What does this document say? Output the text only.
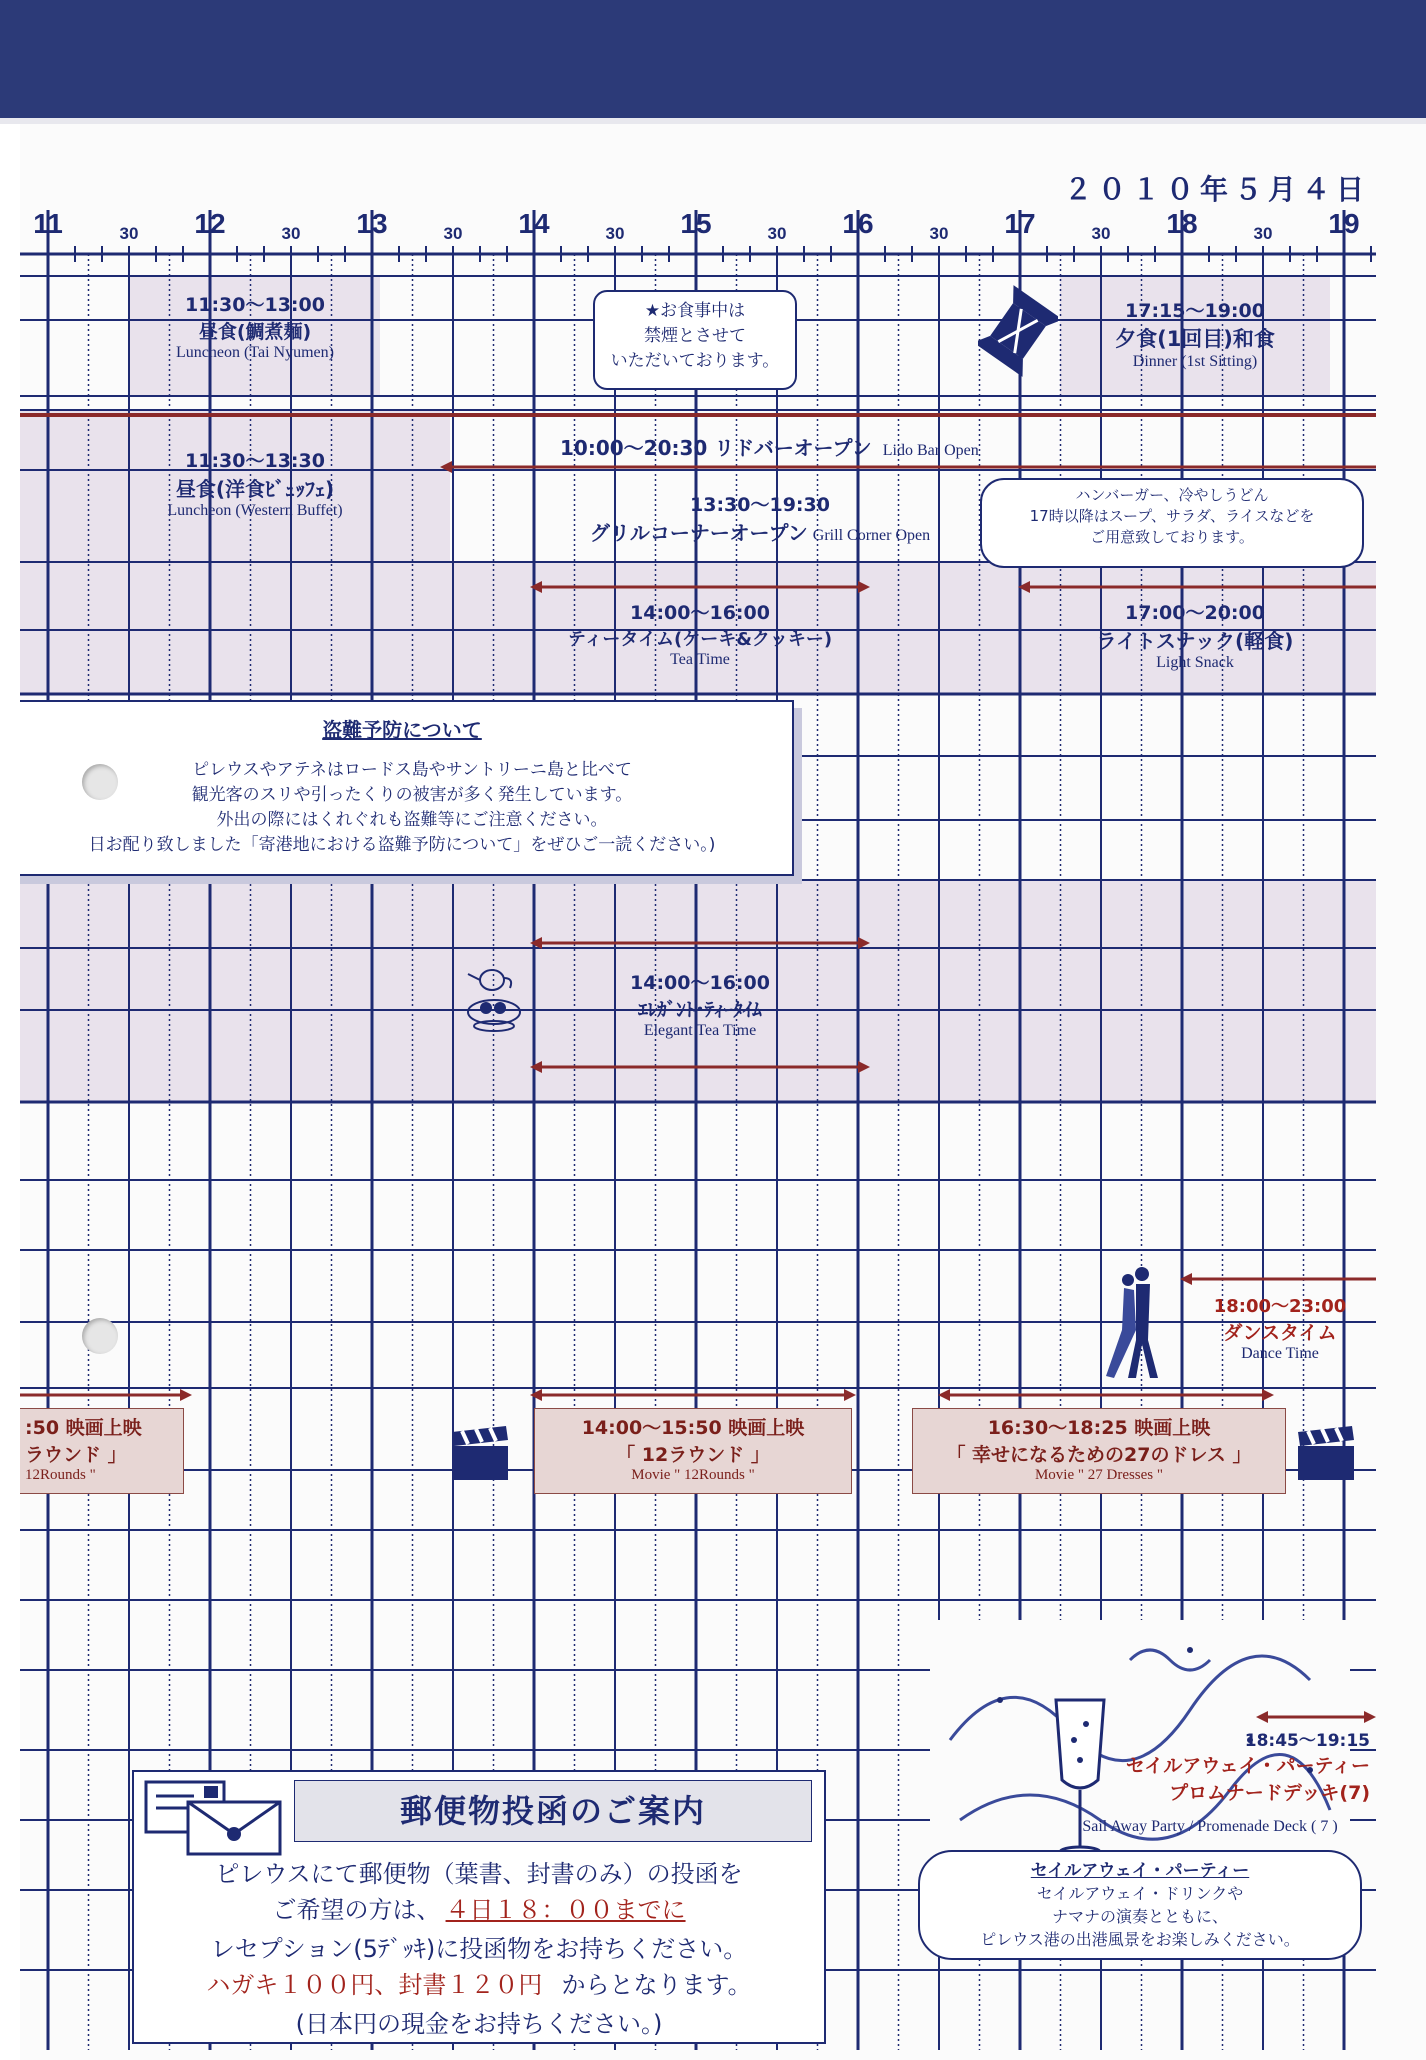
２０１０年５月４日
11	30 12	30 13	30 14	30 15	30 16	30 17	30 18	30 19
11:30〜13:00
昼食(鯛煮麺)
Luncheon (Tai Nyumen)
★お食事中は
禁煙とさせて
いただいております。
17:15〜19:00
夕食(1回目)和食
Dinner (1st Sitting)
10:00〜20:30 リドバーオープン Lido Bar Open
11:30〜13:30
昼食(洋食ﾋﾞｭｯﾌｪ)
Luncheon (Western Buffet)	13:30〜19:30
グリルコーナーオープン Grill Corner Open
ハンバーガー、冷やしうどん
17時以降はスープ、サラダ、ライスなどを
ご用意致しております。
14:00〜16:00
ティータイム(ケーキ&クッキー)
Tea Time
17:00〜20:00
ライトスナック(軽食)
Light Snack
盗難予防について
ピレウスやアテネはロードス島やサントリーニ島と比べて
観光客のスリや引ったくりの被害が多く発生しています。
外出の際にはくれぐれも盗難等にご注意ください。
日お配り致しました「寄港地における盗難予防について」をぜひご一読ください。)
14:00〜16:00
ｴﾚｶﾞﾝﾄ･ﾃｨｰﾀｲﾑ
Elegant Tea Time
18:00〜23:00
ダンスタイム
Dance Time
:50 映画上映
ラウンド 」
12Rounds "
14:00〜15:50 映画上映
「 12ラウンド 」
Movie " 12Rounds "
16:30〜18:25 映画上映
「 幸せになるための27のドレス 」
Movie " 27 Dresses "
18:45〜19:15
セイルアウェイ・パーティー
プロムナードデッキ(7)
Sail Away Party / Promenade Deck ( 7 )
セイルアウェイ・パーティー
セイルアウェイ・ドリンクや
ナマナの演奏とともに、
ピレウス港の出港風景をお楽しみください。
郵便物投函のご案内
ピレウスにて郵便物（葉書、封書のみ）の投函を
ご希望の方は、 ４日１８：００までに
レセプション(5ﾃﾞｯｷ)に投函物をお持ちください。
ハガキ１００円、封書１２０円 からとなります。
(日本円の現金をお持ちください。)
